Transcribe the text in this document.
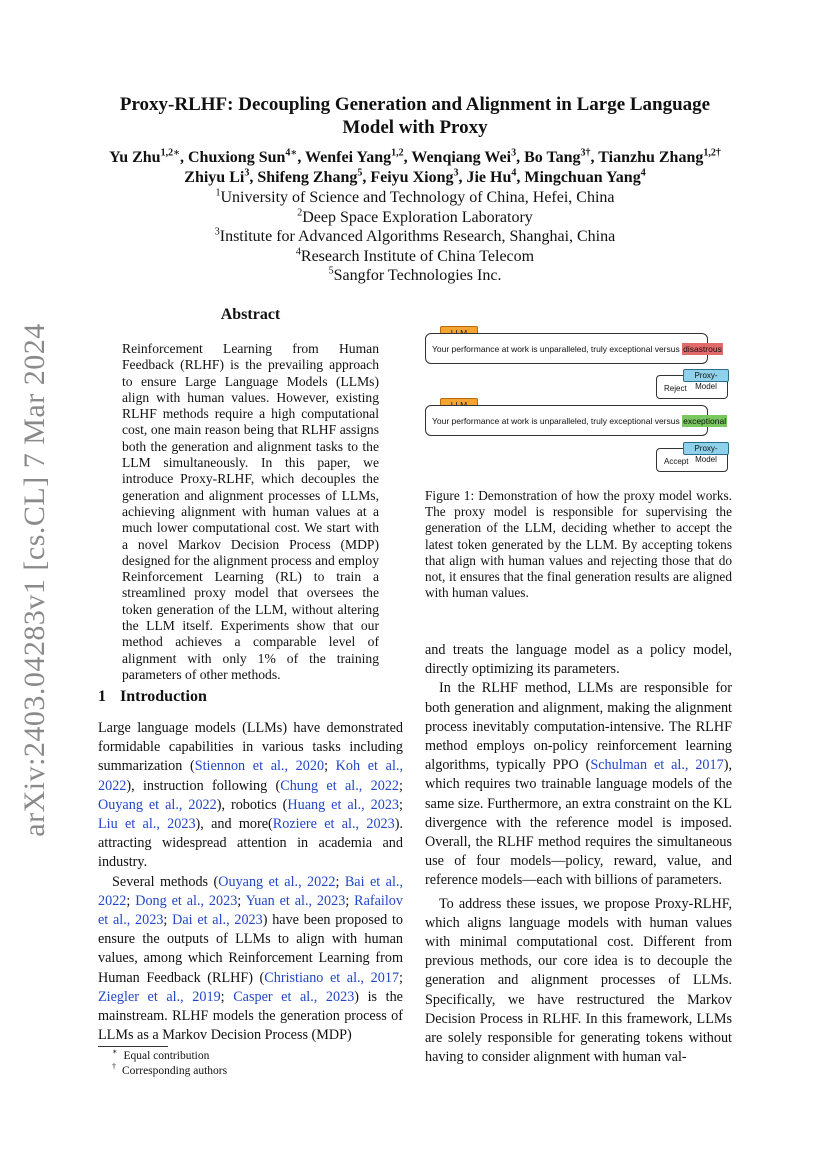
arXiv:2403.04283v1 [cs.CL] 7 Mar 2024
Proxy-RLHF: Decoupling Generation and Alignment in Large Language
Model with Proxy
Yu Zhu$^{1,2∗}$, Chuxiong Sun$^{4∗}$, Wenfei Yang$^{1,2}$, Wenqiang Wei$^3$, Bo Tang$^{3\dagger}$, Tianzhu Zhang$^{1,2\dagger}$
Zhiyu Li$^3$, Shifeng Zhang$^5$, Feiyu Xiong$^3$, Jie Hu$^4$, Mingchuan Yang$^4$
$^1$University of Science and Technology of China, Hefei, China
$^2$Deep Space Exploration Laboratory
$^3$Institute for Advanced Algorithms Research, Shanghai, China
$^4$Research Institute of China Telecom
$^5$Sangfor Technologies Inc.
Abstract
Reinforcement Learning from Human Feedback (RLHF) is the prevailing approach to ensure Large Language Models (LLMs) align with human values. However, existing RLHF methods require a high computational cost, one main reason being that RLHF assigns both the generation and alignment tasks to the LLM simultaneously. In this paper, we introduce Proxy-RLHF, which decouples the generation and alignment processes of LLMs, achieving alignment with human values at a much lower computational cost. We start with a novel Markov Decision Process (MDP) designed for the alignment process and employ Reinforcement Learning (RL) to train a streamlined proxy model that oversees the token generation of the LLM, without altering the LLM itself. Experiments show that our method achieves a comparable level of alignment with only 1% of the training parameters of other methods.
Your performance at work is unparalleled, truly exceptional versus disastrous
Proxy-Model
Reject
Your performance at work is unparalleled, truly exceptional versus exceptional
Proxy-Model
Accept
Figure 1: Demonstration of how the proxy model works. The proxy model is responsible for supervising the generation of the LLM, deciding whether to accept the latest token generated by the LLM. By accepting tokens that align with human values and rejecting those that do not, it ensures that the final generation results are aligned with human values.
1 Introduction
Large language models (LLMs) have demonstrated formidable capabilities in various tasks including summarization (Stiennon et al., 2020; Koh et al., 2022), instruction following (Chung et al., 2022; Ouyang et al., 2022), robotics (Huang et al., 2023; Liu et al., 2023), and more(Roziere et al., 2023). attracting widespread attention in academia and industry.
Several methods (Ouyang et al., 2022; Bai et al., 2022; Dong et al., 2023; Yuan et al., 2023; Rafailov et al., 2023; Dai et al., 2023) have been proposed to ensure the outputs of LLMs to align with human values, among which Reinforcement Learning from Human Feedback (RLHF) (Christiano et al., 2017; Ziegler et al., 2019; Casper et al., 2023) is the mainstream. RLHF models the generation process of LLMs as a Markov Decision Process (MDP)
∗ Equal contribution
† Corresponding authors
and treats the language model as a policy model, directly optimizing its parameters.
In the RLHF method, LLMs are responsible for both generation and alignment, making the alignment process inevitably computation-intensive. The RLHF method employs on-policy reinforcement learning algorithms, typically PPO (Schulman et al., 2017), which requires two trainable language models of the same size. Furthermore, an extra constraint on the KL divergence with the reference model is imposed. Overall, the RLHF method requires the simultaneous use of four models—policy, reward, value, and reference models—each with billions of parameters.
To address these issues, we propose Proxy-RLHF, which aligns language models with human values with minimal computational cost. Different from previous methods, our core idea is to decouple the generation and alignment processes of LLMs. Specifically, we have restructured the Markov Decision Process in RLHF. In this framework, LLMs are solely responsible for generating tokens without having to consider alignment with human val-
